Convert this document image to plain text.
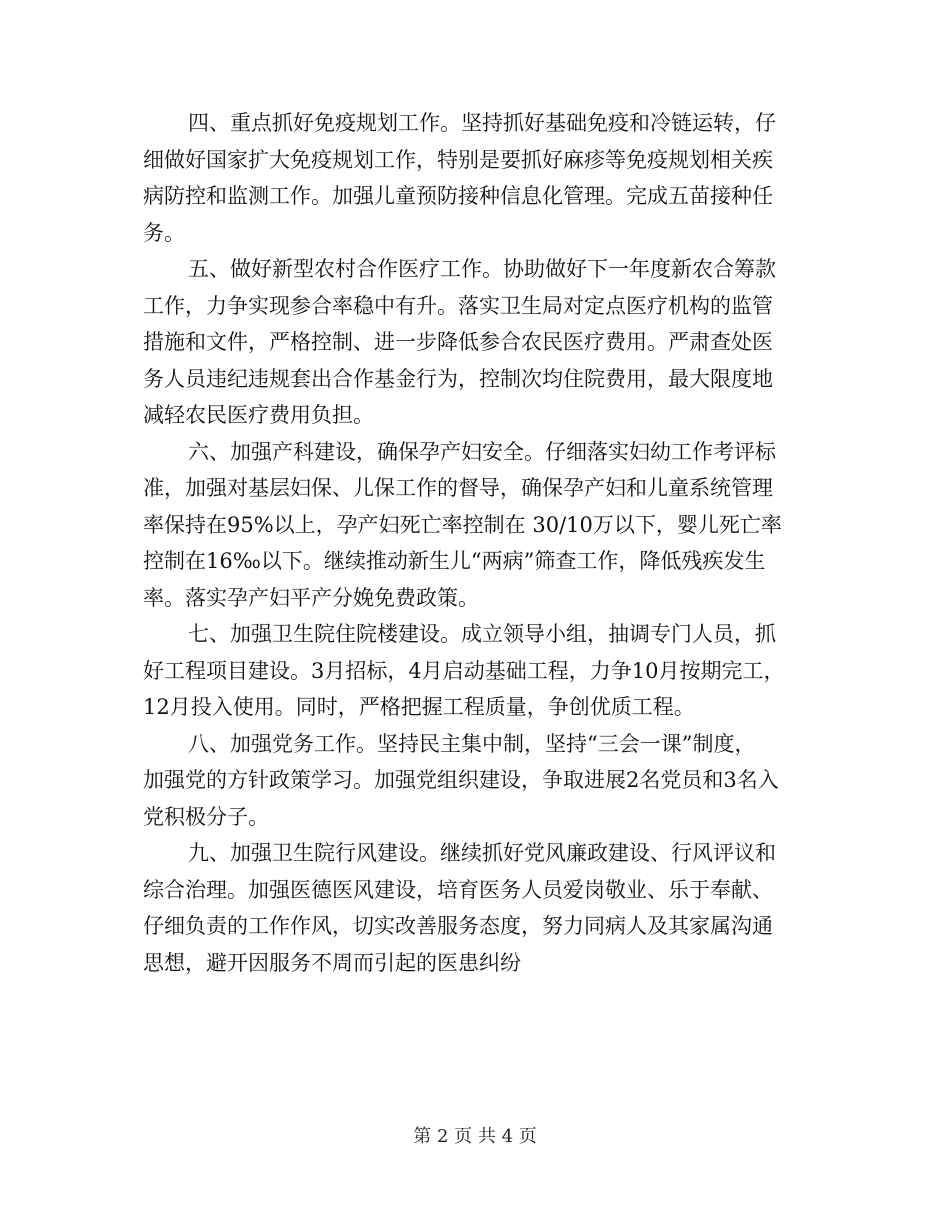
四、重点抓好免疫规划工作。坚持抓好基础免疫和冷链运转，仔
细做好国家扩大免疫规划工作，特别是要抓好麻疹等免疫规划相关疾
病防控和监测工作。加强儿童预防接种信息化管理。完成五苗接种任
务。
五、做好新型农村合作医疗工作。协助做好下一年度新农合筹款
工作，力争实现参合率稳中有升。落实卫生局对定点医疗机构的监管
措施和文件，严格控制、进一步降低参合农民医疗费用。严肃查处医
务人员违纪违规套出合作基金行为，控制次均住院费用，最大限度地
减轻农民医疗费用负担。
六、加强产科建设，确保孕产妇安全。仔细落实妇幼工作考评标
准，加强对基层妇保、儿保工作的督导，确保孕产妇和儿童系统管理
率保持在95%以上，孕产妇死亡率控制在 30/10万以下，婴儿死亡率
控制在16‰以下。继续推动新生儿“两病”筛查工作，降低残疾发生
率。落实孕产妇平产分娩免费政策。
七、加强卫生院住院楼建设。成立领导小组，抽调专门人员，抓
好工程项目建设。3月招标，4月启动基础工程，力争10月按期完工，
12月投入使用。同时，严格把握工程质量，争创优质工程。
八、加强党务工作。坚持民主集中制，坚持“三会一课”制度，
加强党的方针政策学习。加强党组织建设，争取进展2名党员和3名入
党积极分子。
九、加强卫生院行风建设。继续抓好党风廉政建设、行风评议和
综合治理。加强医德医风建设，培育医务人员爱岗敬业、乐于奉献、
仔细负责的工作作风，切实改善服务态度，努力同病人及其家属沟通
思想，避开因服务不周而引起的医患纠纷
第 2 页 共 4 页
